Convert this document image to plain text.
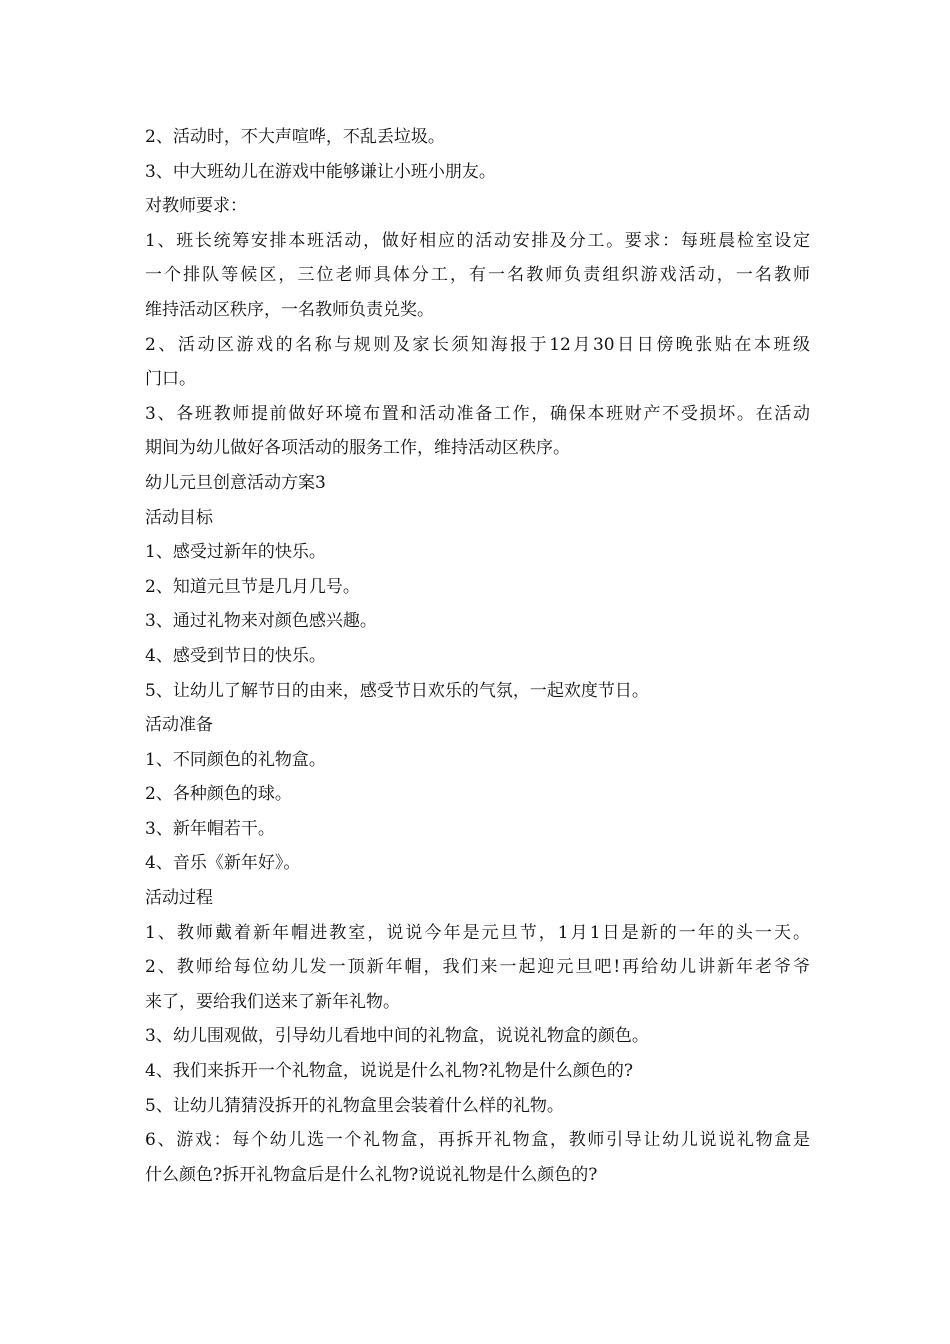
2、活动时，不大声喧哗，不乱丢垃圾。
3、中大班幼儿在游戏中能够谦让小班小朋友。
对教师要求：
1、班长统筹安排本班活动，做好相应的活动安排及分工。要求：每班晨检室设定
一个排队等候区，三位老师具体分工，有一名教师负责组织游戏活动，一名教师
维持活动区秩序，一名教师负责兑奖。
2、活动区游戏的名称与规则及家长须知海报于12月30日日傍晚张贴在本班级
门口。
3、各班教师提前做好环境布置和活动准备工作，确保本班财产不受损坏。在活动
期间为幼儿做好各项活动的服务工作，维持活动区秩序。
幼儿元旦创意活动方案3
活动目标
1、感受过新年的快乐。
2、知道元旦节是几月几号。
3、通过礼物来对颜色感兴趣。
4、感受到节日的快乐。
5、让幼儿了解节日的由来，感受节日欢乐的气氛，一起欢度节日。
活动准备
1、不同颜色的礼物盒。
2、各种颜色的球。
3、新年帽若干。
4、音乐《新年好》。
活动过程
1、教师戴着新年帽进教室，说说今年是元旦节，1月1日是新的一年的头一天。
2、教师给每位幼儿发一顶新年帽，我们来一起迎元旦吧!再给幼儿讲新年老爷爷
来了，要给我们送来了新年礼物。
3、幼儿围观做，引导幼儿看地中间的礼物盒，说说礼物盒的颜色。
4、我们来拆开一个礼物盒，说说是什么礼物?礼物是什么颜色的?
5、让幼儿猜猜没拆开的礼物盒里会装着什么样的礼物。
6、游戏：每个幼儿选一个礼物盒，再拆开礼物盒，教师引导让幼儿说说礼物盒是
什么颜色?拆开礼物盒后是什么礼物?说说礼物是什么颜色的?
